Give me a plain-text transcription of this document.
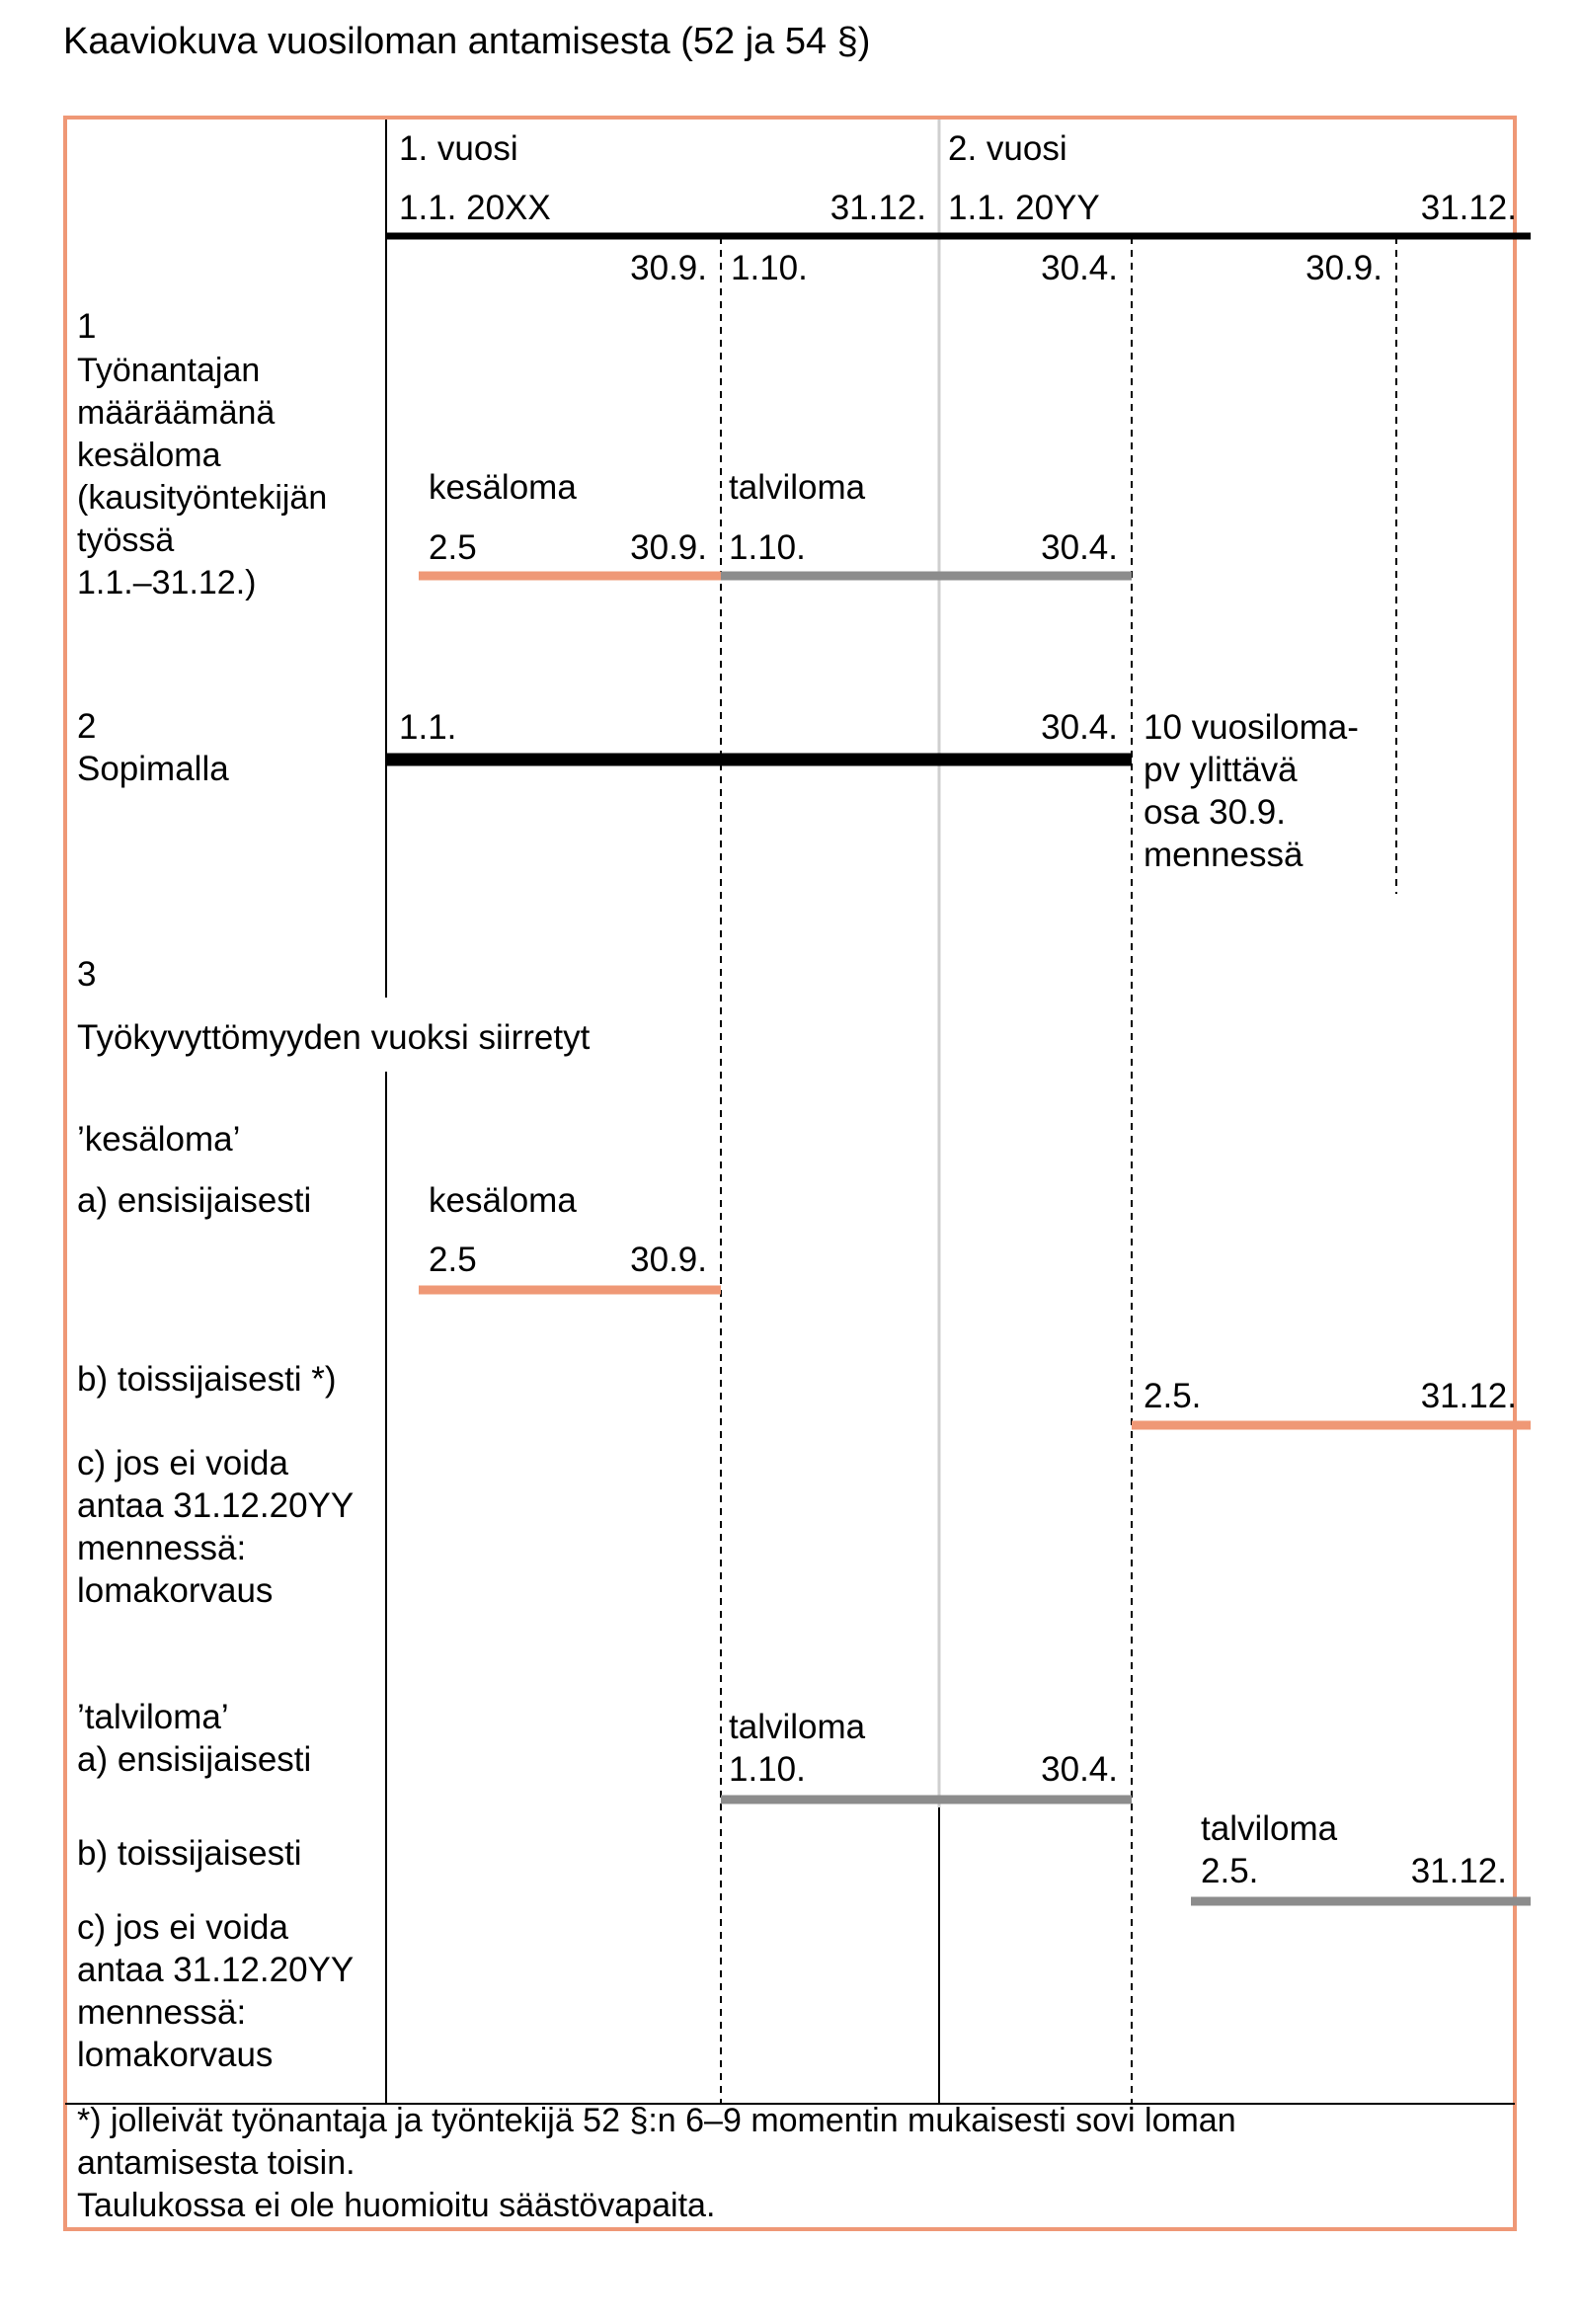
Kaaviokuva vuosiloman antamisesta (52 ja 54 §)
1. vuosi	2. vuosi
1.1. 20XX	31.12. 1.1. 20YY	31.12.
30.9. 1.10.	30.4.	30.9.
1
Työnantajan määräämänä kesäloma (kausityöntekijän työssä 1.1.–31.12.)
kesäloma
2.5	30.9.
talviloma
1.10.	30.4.
2
Sopimalla
1.1.	30.4. 10 vuosiloma- pv ylittävä osa 30.9. mennessä
3
Työkyvyttömyyden vuoksi siirretyt
’kesäloma’
a) ensisijaisesti	kesäloma
2.5	30.9.
b) toissijaisesti *)	2.5.	31.12.
c) jos ei voida antaa 31.12.20YY mennessä: lomakorvaus
’talviloma’
a) ensisijaisesti
talviloma
1.10.	30.4.
b) toissijaisesti
talviloma
2.5.	31.12.
c) jos ei voida antaa 31.12.20YY mennessä: lomakorvaus
*) jolleivät työnantaja ja työntekijä 52 §:n 6–9 momentin mukaisesti sovi loman antamisesta toisin. Taulukossa ei ole huomioitu säästövapaita.
